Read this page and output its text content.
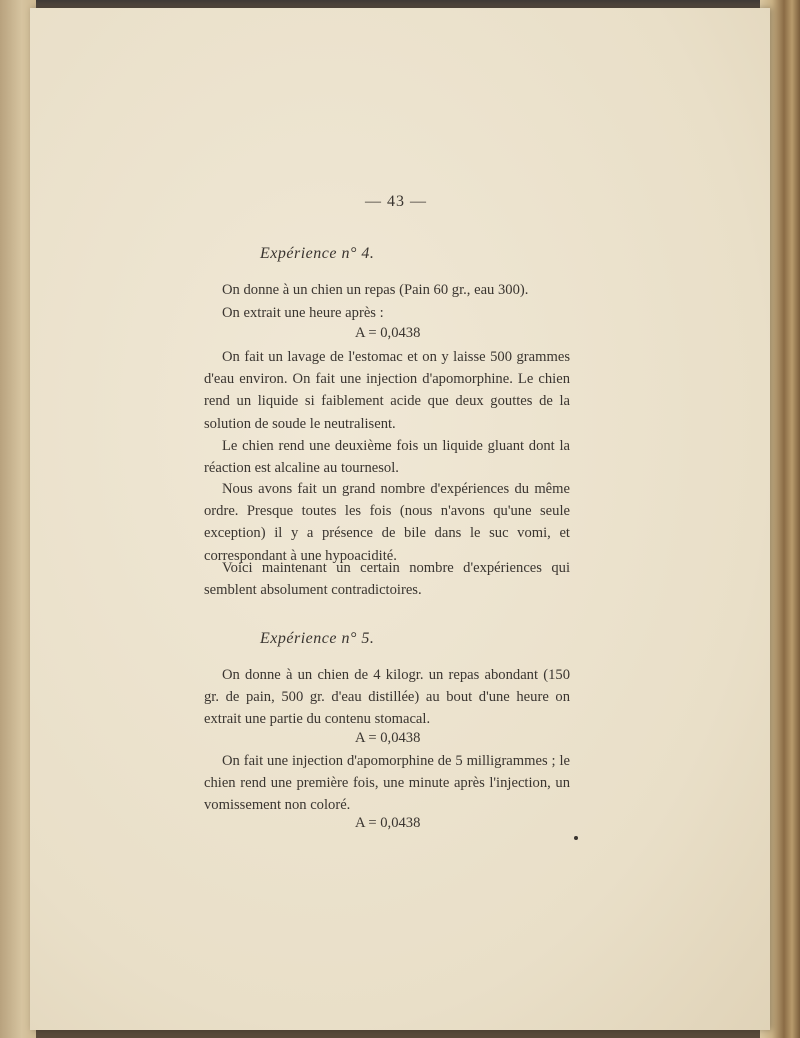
— 43 —
Expérience n° 4.

On donne à un chien un repas (Pain 60 gr., eau 300).

On extrait une heure après :

A = 0,0438

On fait un lavage de l'estomac et on y laisse 500 grammes d'eau environ. On fait une injection d'apomorphine. Le chien rend un liquide si faiblement acide que deux gouttes de la solution de soude le neutralisent.

Le chien rend une deuxième fois un liquide gluant dont la réaction est alcaline au tournesol.

Nous avons fait un grand nombre d'expériences du même ordre. Presque toutes les fois (nous n'avons qu'une seule exception) il y a présence de bile dans le suc vomi, et correspondant à une hypoacidité.

Voici maintenant un certain nombre d'expériences qui semblent absolument contradictoires.

Expérience n° 5.

On donne à un chien de 4 kilogr. un repas abondant (150 gr. de pain, 500 gr. d'eau distillée) au bout d'une heure on extrait une partie du contenu stomacal.

A = 0,0438

On fait une injection d'apomorphine de 5 milligrammes ; le chien rend une première fois, une minute après l'injection, un vomissement non coloré.

A = 0,0438
